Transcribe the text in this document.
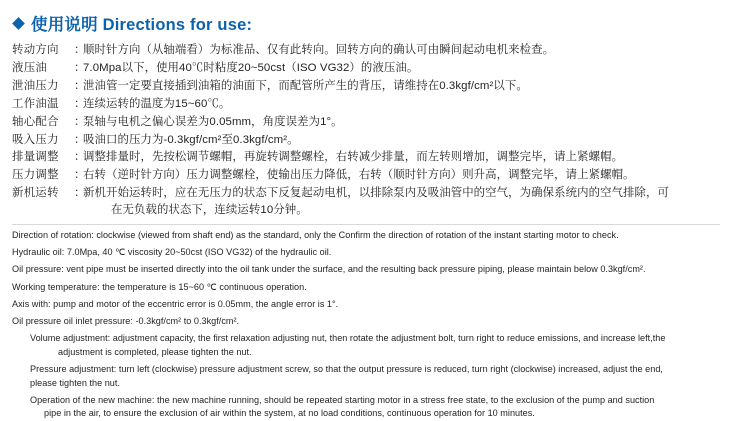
使用说明 Directions for use:
转动方向	：
顺时针方向（从轴端看）为标准品、仅有此转向。回转方向的确认可由瞬间起动电机来检查。
液压油	：
7.0Mpa以下，使用40℃时粘度20~50cst（ISO VG32）的液压油。
泄油压力	：
泄油管一定要直接插到油箱的油面下，而配管所产生的背压，请维持在0.3kgf/cm²以下。
工作油温	：
连续运转的温度为15~60℃。
轴心配合	：
泵轴与电机之偏心误差为0.05mm，角度误差为1°。
吸入压力	：
吸油口的压力为-0.3kgf/cm²至0.3kgf/cm²。
排量调整	：
调整排量时，先按松调节螺帽，再旋转调整螺栓，右转减少排量，而左转则增加，调整完毕，请上紧螺帽。
压力调整	：
右转（逆时针方向）压力调整螺栓，使输出压力降低，右转（顺时针方向）则升高，调整完毕，请上紧螺帽。
新机运转	：
新机开始运转时，应在无压力的状态下反复起动电机，以排除泵内及吸油管中的空气，为确保系统内的空气排除，可
在无负载的状态下，连续运转10分钟。

Direction of rotation: clockwise (viewed from shaft end) as the standard, only the Confirm the direction of rotation of the instant starting motor to check.

Hydraulic oil: 7.0Mpa, 40 ℃ viscosity 20~50cst (ISO VG32) of the hydraulic oil.

Oil pressure: vent pipe must be inserted directly into the oil tank under the surface, and the resulting back pressure piping, please maintain below 0.3kgf/cm².

Working temperature: the temperature is 15~60 ℃ continuous operation.

Axis with: pump and motor of the eccentric error is 0.05mm, the angle error is 1°.

Oil pressure oil inlet pressure: -0.3kgf/cm² to 0.3kgf/cm².

Volume adjustment: adjustment capacity, the first relaxation adjusting nut, then rotate the adjustment bolt, turn right to reduce emissions, and increase left,the
adjustment is completed, please tighten the nut.

Pressure adjustment: turn left (clockwise) pressure adjustment screw, so that the output pressure is reduced, turn right (clockwise) increased, adjust the end,
please tighten the nut.

Operation of the new machine: the new machine running, should be repeated starting motor in a stress free state, to the exclusion of the pump and suction
pipe in the air, to ensure the exclusion of air within the system, at no load conditions, continuous operation for 10 minutes.
